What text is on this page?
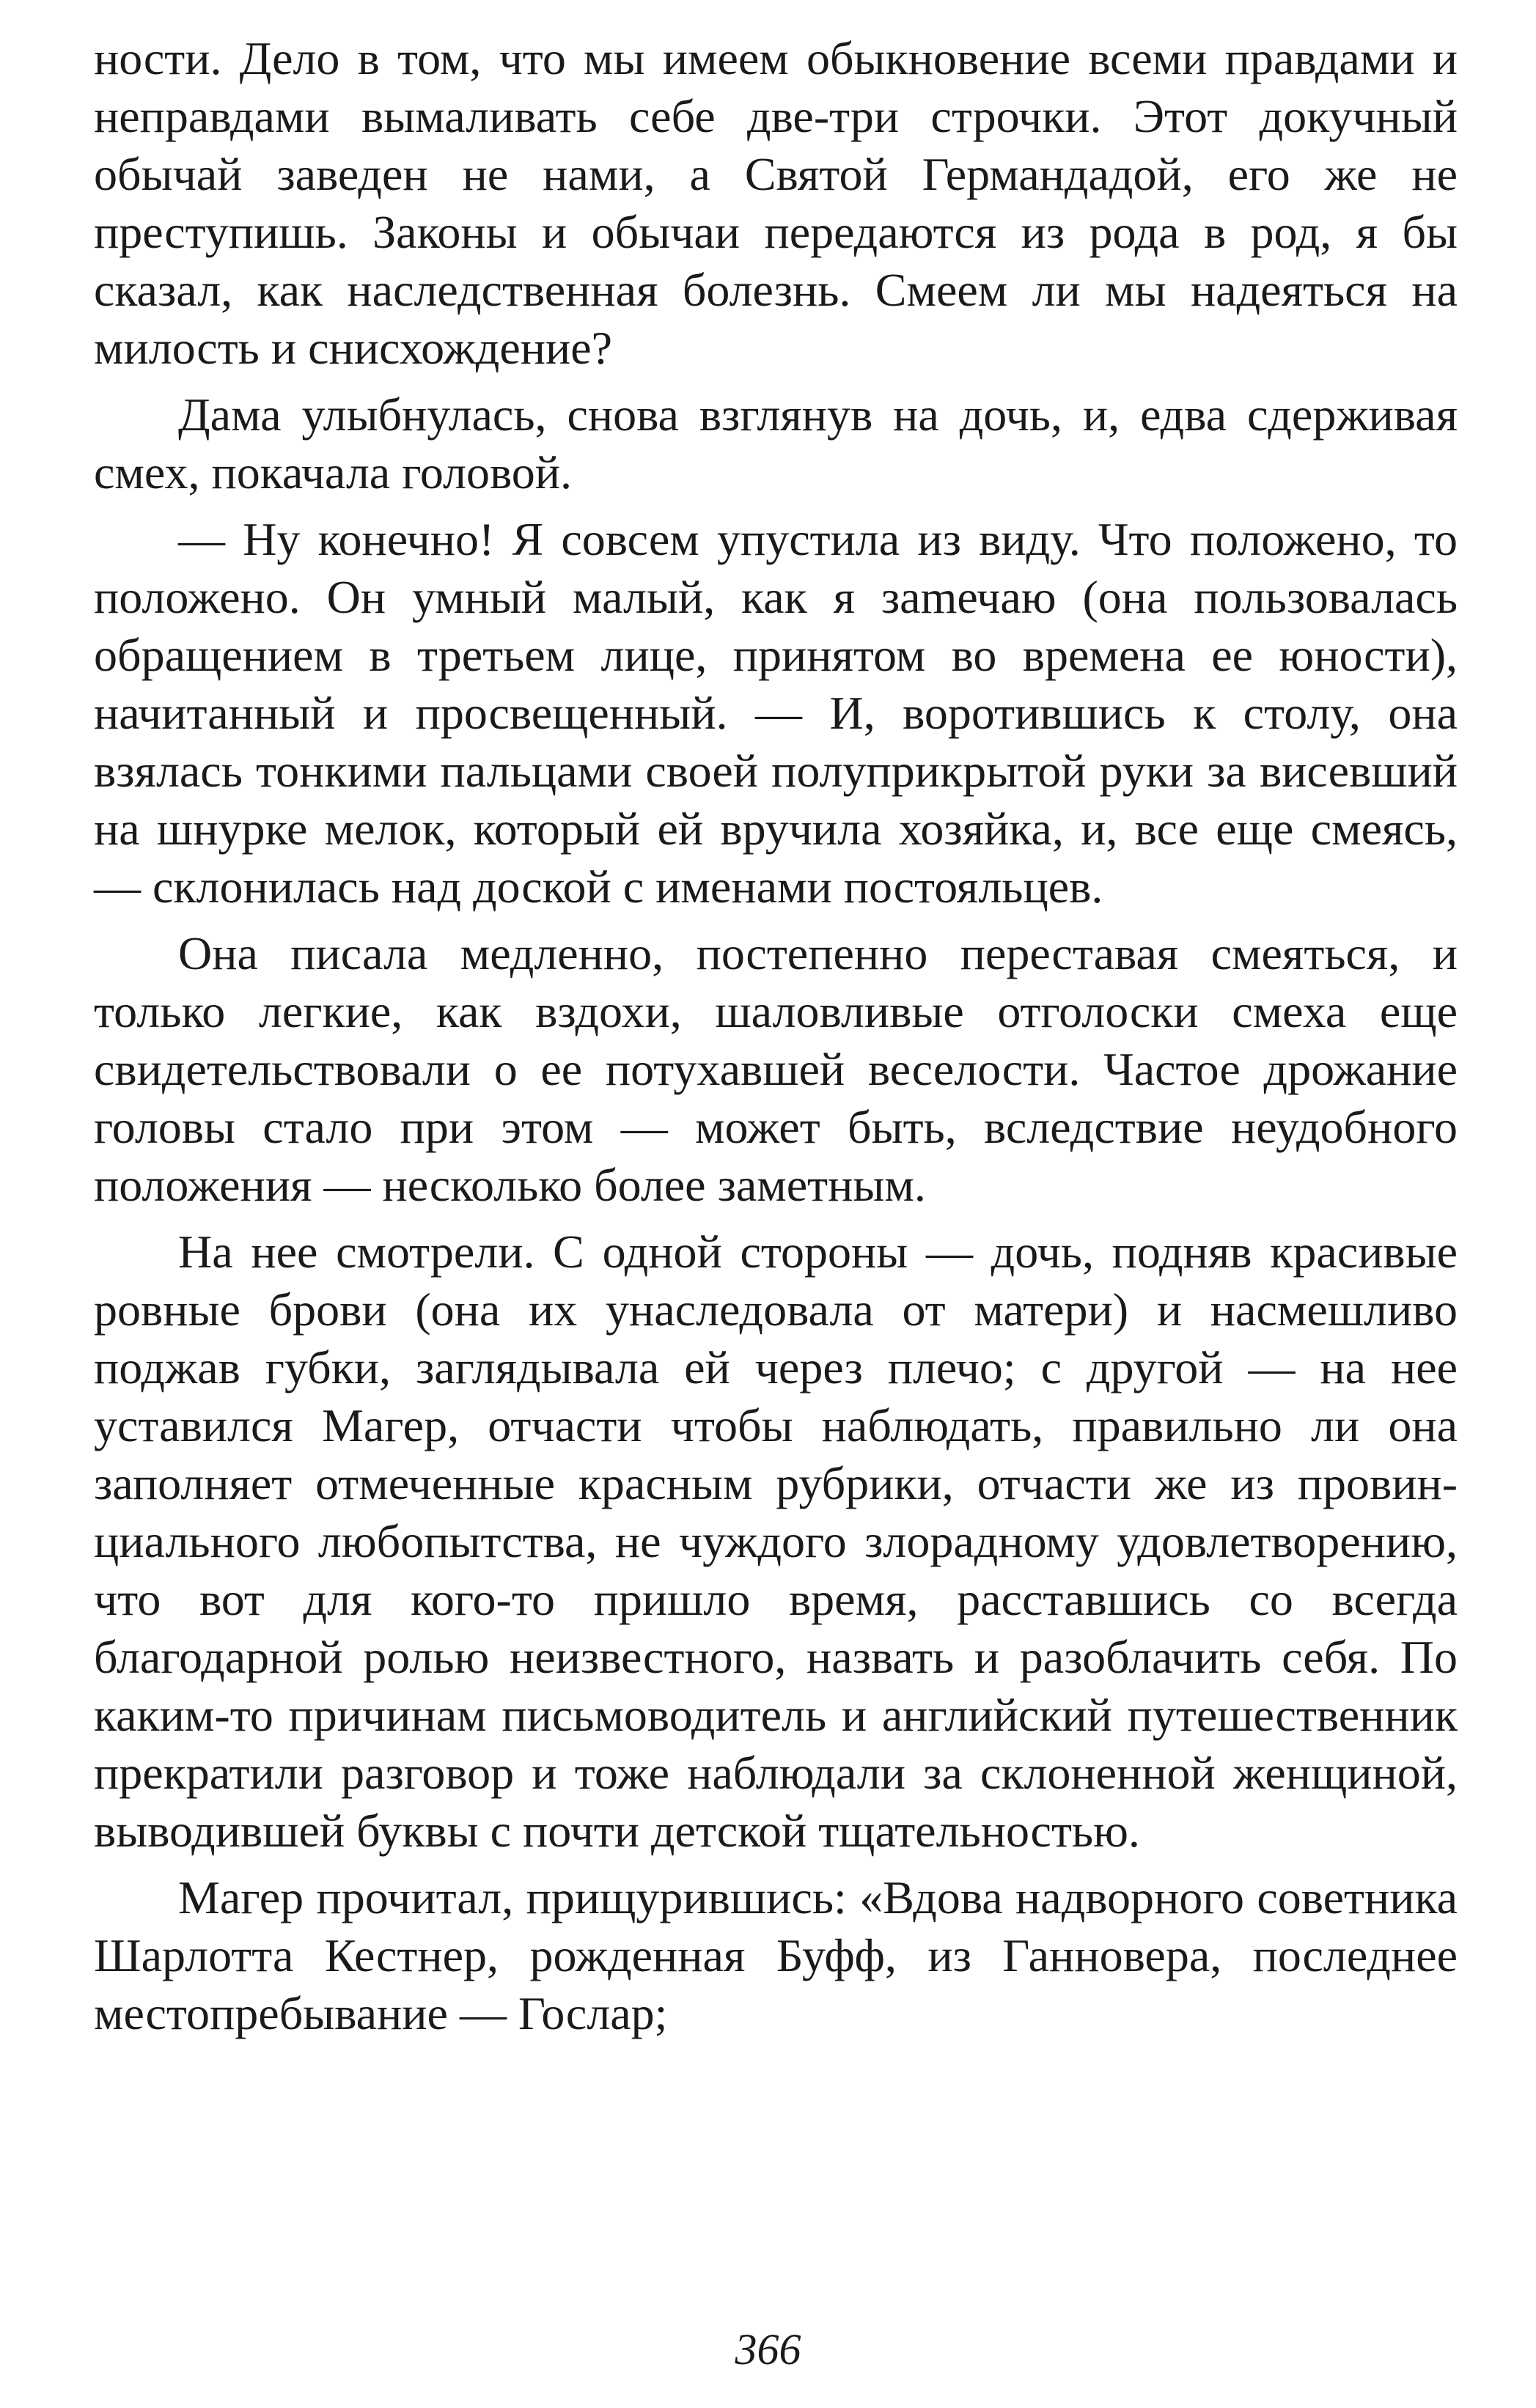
ности. Дело в том, что мы имеем обыкновение всеми правдами и неправдами вымаливать себе две-три строчки. Этот докучный обычай заведен не нами, а Святой Германдадой, его же не преступишь. Законы и обычаи передаются из рода в род, я бы сказал, как наследственная болезнь. Смеем ли мы надеяться на милость и снисхождение?

Дама улыбнулась, снова взглянув на дочь, и, едва сдерживая смех, покачала головой.

— Ну конечно! Я совсем упустила из виду. Что положено, то положено. Он умный малый, как я заmечаю (она пользовалась обращением в третьем лице, принятом во времена ее юности), начитанный и просвещенный. — И, воротившись к столу, она взялась тонкими пальцами своей полуприкрытой руки за висевший на шнурке мелок, который ей вручила хозяйка, и, все еще смеясь, — склонилась над доской с именами постояльцев.

Она писала медленно, постепенно переставая смеяться, и только легкие, как вздохи, шаловливые отголоски смеха еще свидетельствовали о ее потухавшей веселости. Частое дрожание головы стало при этом — может быть, вследствие неудобного положения — несколько более заметным.

На нее смотрели. С одной стороны — дочь, подняв красивые ровные брови (она их унаследовала от матери) и насмешливо поджав губки, заглядывала ей через плечо; с другой — на нее уставился Магер, отчасти чтобы наблюдать, правильно ли она заполняет отмеченные красным рубрики, отчасти же из провинциального любопытства, не чуждого злорадному удовлетворению, что вот для кого-то пришло время, расставшись со всегда благодарной ролью неизвестного, назвать и разоблачить себя. По каким-то причинам письмоводитель и английский путешественник прекратили разговор и тоже наблюдали за склоненной женщиной, выводившей буквы с почти детской тщательностью.

Магер прочитал, прищурившись: «Вдова надворного советника Шарлотта Кестнер, рожденная Буфф, из Ганновера, последнее местопребывание — Гослар;

366
